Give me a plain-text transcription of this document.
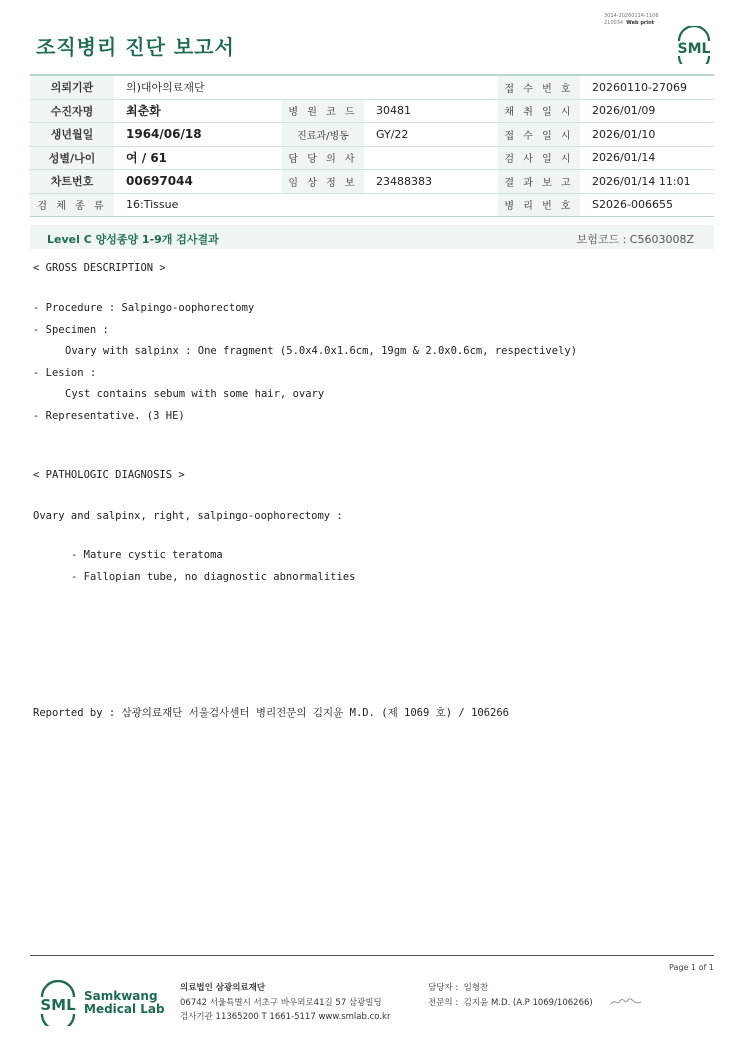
3014-20260114-1106
210034 Web print
조직병리 진단 보고서	SML
의뢰기관	의)대아의료재단			접 수 번 호	20260110-27069
수진자명	최춘화	병 원 코 드	30481	채 취 일 시	2026/01/09
생년월일	1964/06/18	진료과/병동	GY/22	접 수 일 시	2026/01/10
성별/나이	여 / 61	담 당 의 사		검 사 일 시	2026/01/14
차트번호	00697044	임 상 정 보	23488383	결 과 보 고	2026/01/14 11:01
검 체 종 류	16:Tissue			병 리 번 호	S2026-006655
Level C 양성종양 1-9개 검사결과	보험코드 : C5603008Z
< GROSS DESCRIPTION >
- Procedure : Salpingo-oophorectomy
- Specimen :
Ovary with salpinx : One fragment (5.0x4.0x1.6cm, 19gm & 2.0x0.6cm, respectively)
- Lesion :
Cyst contains sebum with some hair, ovary
- Representative. (3 HE)
< PATHOLOGIC DIAGNOSIS >
Ovary and salpinx, right, salpingo-oophorectomy :
- Mature cystic teratoma
- Fallopian tube, no diagnostic abnormalities
Reported by : 삼광의료재단 서울검사센터 병리전문의 김지윤 M.D. (제 1069 호) / 106266
Page 1 of 1
SML Samkwang
Medical Lab
의료법인 삼광의료재단
06742 서울특별시 서초구 바우뫼로41길 57 삼광빌딩
검사기관 11365200 T 1661-5117 www.smlab.co.kr
담당자 : 임형찬
전문의 : 김지윤 M.D. (A.P 1069/106266)
